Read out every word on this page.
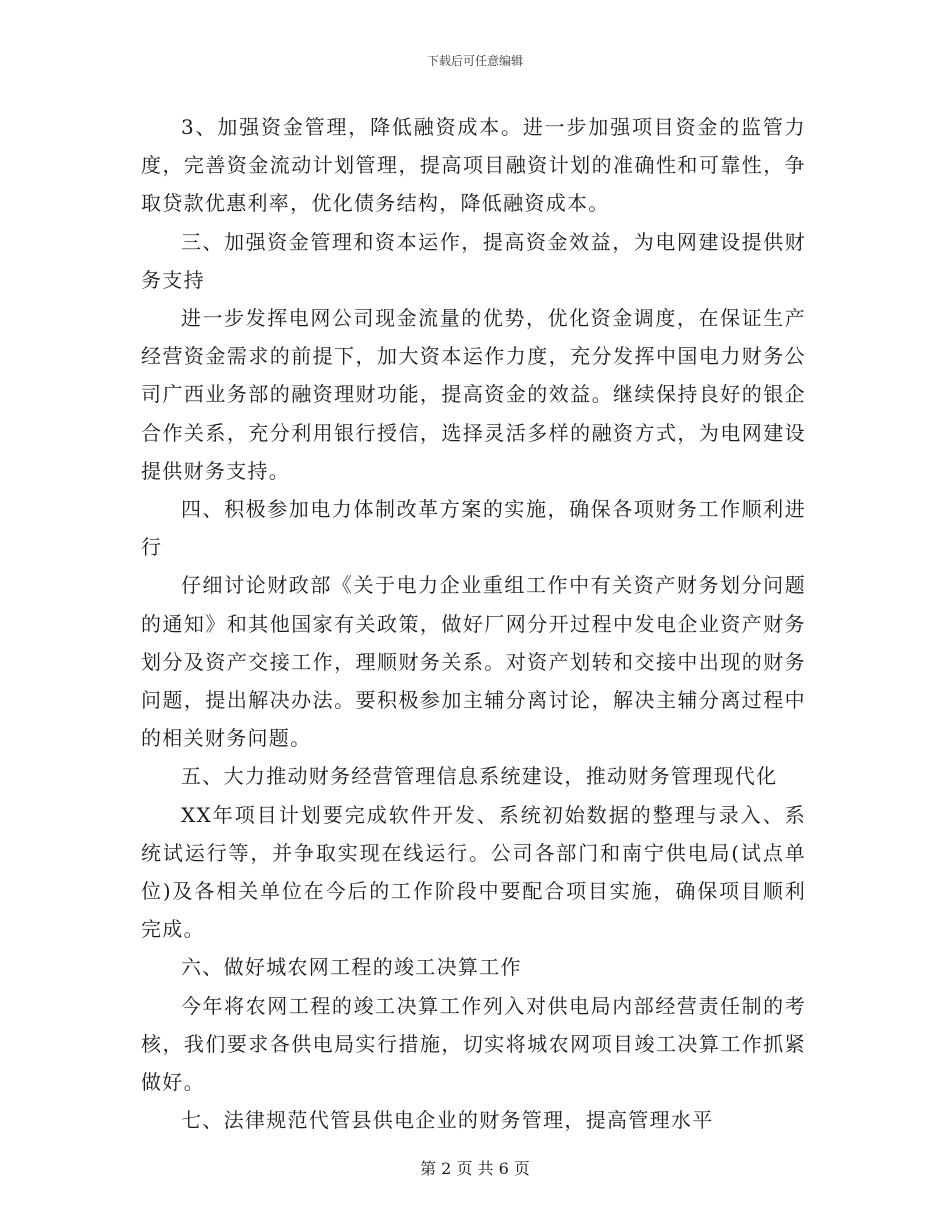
下载后可任意编辑

3、加强资金管理，降低融资成本。进一步加强项目资金的监管力度，完善资金流动计划管理，提高项目融资计划的准确性和可靠性，争取贷款优惠利率，优化债务结构，降低融资成本。

三、加强资金管理和资本运作，提高资金效益，为电网建设提供财务支持

进一步发挥电网公司现金流量的优势，优化资金调度，在保证生产经营资金需求的前提下，加大资本运作力度，充分发挥中国电力财务公司广西业务部的融资理财功能，提高资金的效益。继续保持良好的银企合作关系，充分利用银行授信，选择灵活多样的融资方式，为电网建设提供财务支持。

四、积极参加电力体制改革方案的实施，确保各项财务工作顺利进行

仔细讨论财政部《关于电力企业重组工作中有关资产财务划分问题的通知》和其他国家有关政策，做好厂网分开过程中发电企业资产财务划分及资产交接工作，理顺财务关系。对资产划转和交接中出现的财务问题，提出解决办法。要积极参加主辅分离讨论，解决主辅分离过程中的相关财务问题。

五、大力推动财务经营管理信息系统建设，推动财务管理现代化

XX年项目计划要完成软件开发、系统初始数据的整理与录入、系统试运行等，并争取实现在线运行。公司各部门和南宁供电局(试点单位)及各相关单位在今后的工作阶段中要配合项目实施，确保项目顺利完成。

六、做好城农网工程的竣工决算工作

今年将农网工程的竣工决算工作列入对供电局内部经营责任制的考核，我们要求各供电局实行措施，切实将城农网项目竣工决算工作抓紧做好。

七、法律规范代管县供电企业的财务管理，提高管理水平

第 2 页 共 6 页
